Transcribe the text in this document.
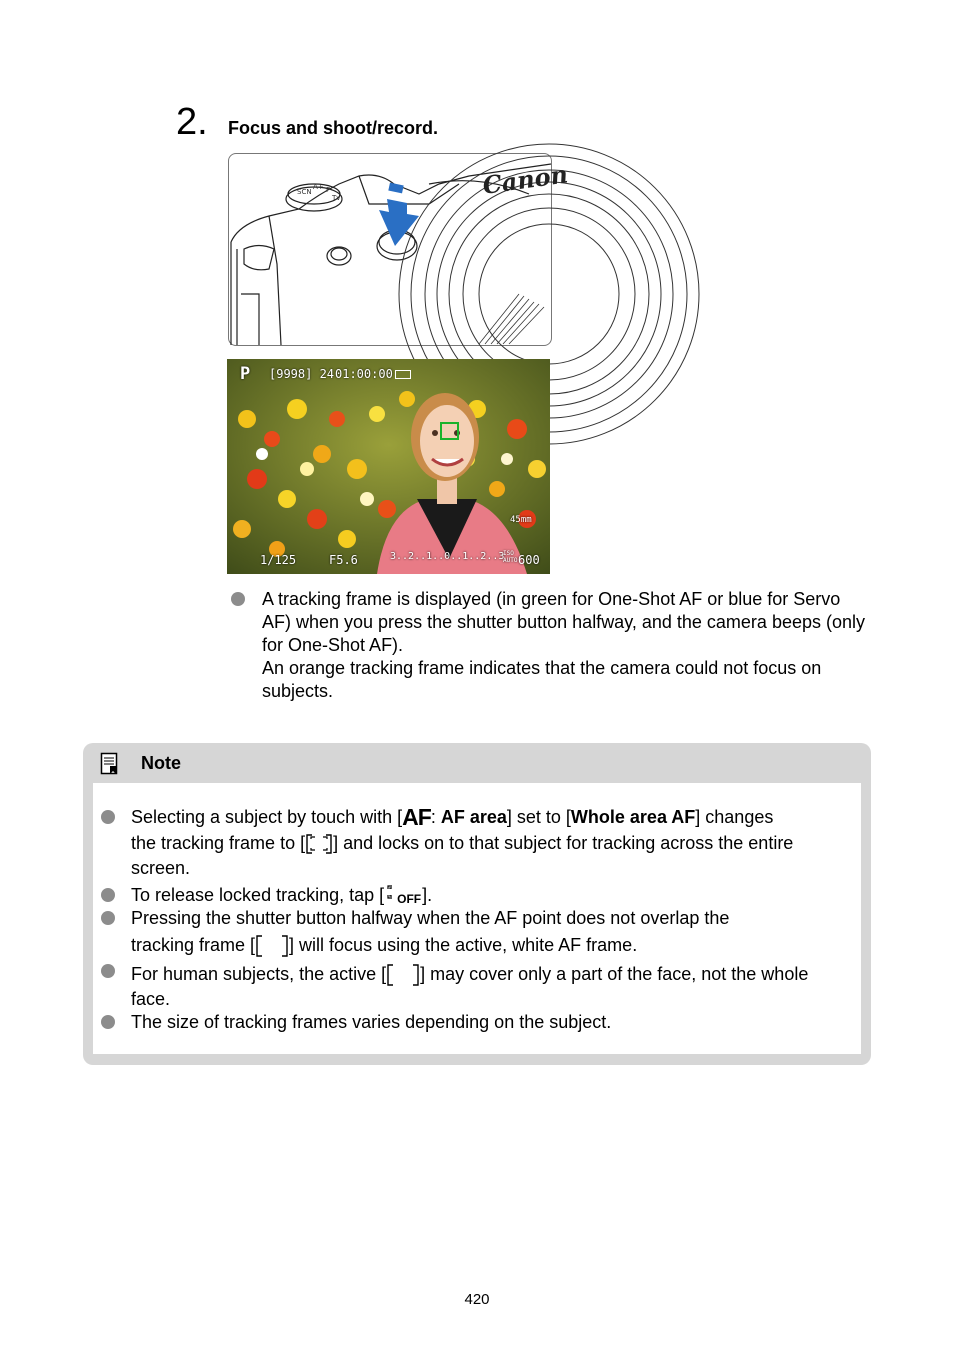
2. Focus and shoot/record.
SCN
A+ P
Tv	Canon
P [9998] 24 01:00:00
45mm
1/125	F5.6	3..2..1..0..1..2..3
ISO AUTO 600
A tracking frame is displayed (in green for One-Shot AF or blue for Servo AF) when you press the shutter button halfway, and the camera beeps (only for One-Shot AF).
An orange tracking frame indicates that the camera could not focus on subjects.
Note
Selecting a subject by touch with [AF: AF area] set to [Whole area AF] changes
the tracking frame to [ ] and locks on to that subject for tracking across the entire
screen.
To release locked tracking, tap [ OFF ].
Pressing the shutter button halfway when the AF point does not overlap the
tracking frame [ ] will focus using the active, white AF frame.
For human subjects, the active [ ] may cover only a part of the face, not the whole
face.
The size of tracking frames varies depending on the subject.
420
